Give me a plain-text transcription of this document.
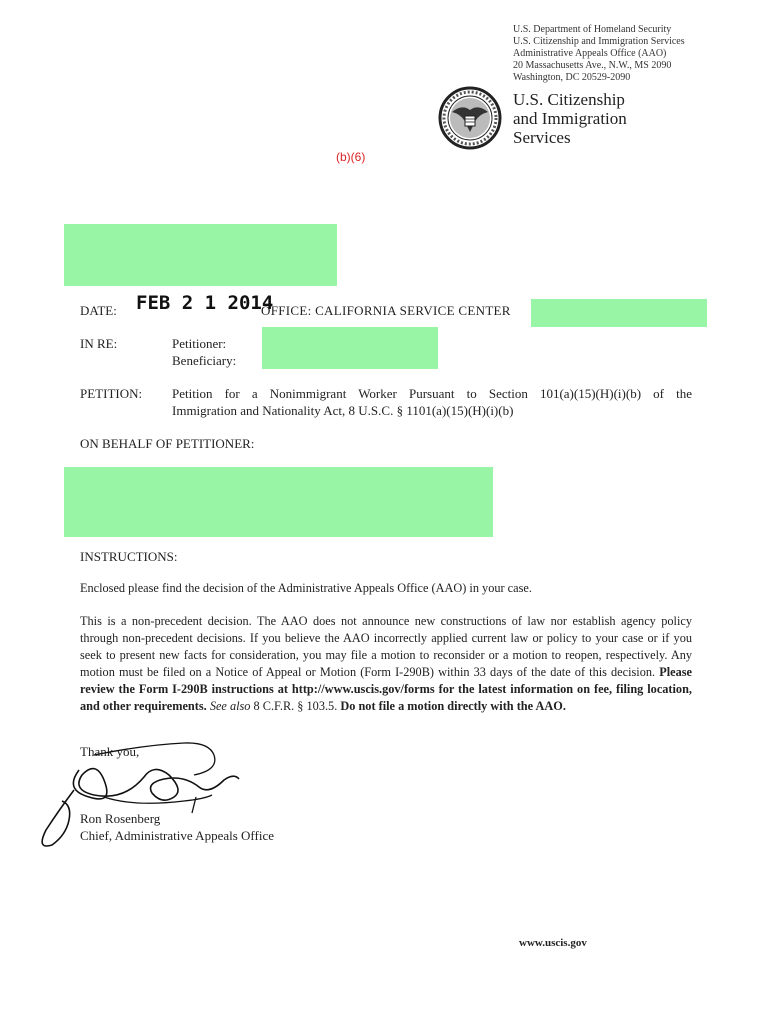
U.S. Department of Homeland Security
U.S. Citizenship and Immigration Services
Administrative Appeals Office (AAO)
20 Massachusetts Ave., N.W., MS 2090
Washington, DC 20529-2090
U.S. Citizenship
and Immigration
Services
(b)(6)
DATE: FEB 2 1 2014
OFFICE: CALIFORNIA SERVICE CENTER
IN RE:	Petitioner:
Beneficiary:
PETITION: Petition for a Nonimmigrant Worker Pursuant to Section 101(a)(15)(H)(i)(b) of the
Immigration and Nationality Act, 8 U.S.C. § 1101(a)(15)(H)(i)(b)
ON BEHALF OF PETITIONER:
INSTRUCTIONS:
Enclosed please find the decision of the Administrative Appeals Office (AAO) in your case.
This is a non-precedent decision. The AAO does not announce new constructions of law nor establish agency policy through non-precedent decisions. If you believe the AAO incorrectly applied current law or policy to your case or if you seek to present new facts for consideration, you may file a motion to reconsider or a motion to reopen, respectively. Any motion must be filed on a Notice of Appeal or Motion (Form I-290B) within 33 days of the date of this decision. Please review the Form I-290B instructions at http://www.uscis.gov/forms for the latest information on fee, filing location, and other requirements. See also 8 C.F.R. § 103.5. Do not file a motion directly with the AAO.
Thank you,
Ron Rosenberg
Chief, Administrative Appeals Office
www.uscis.gov
